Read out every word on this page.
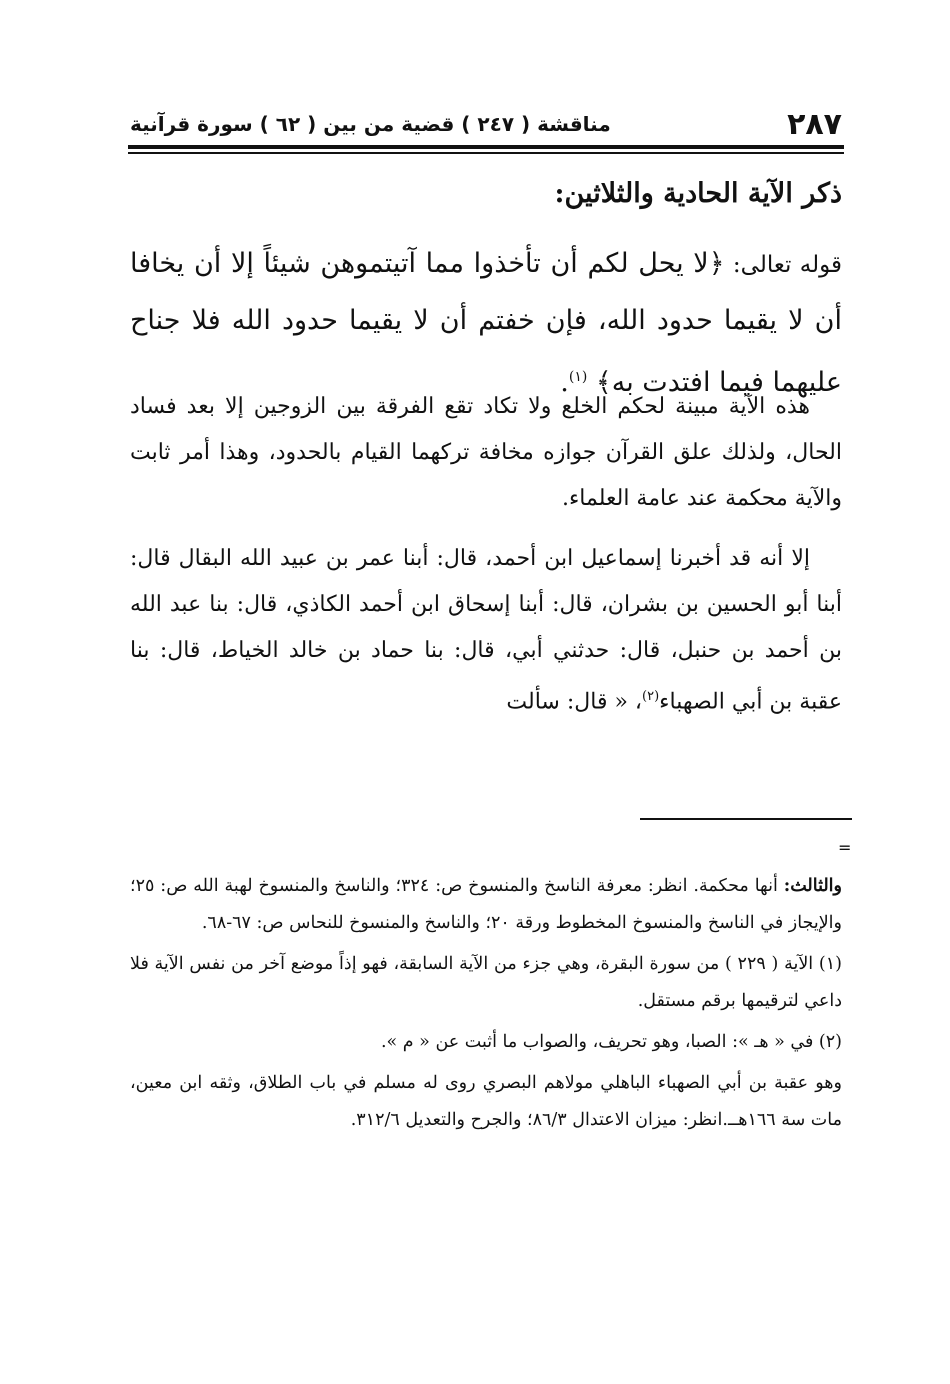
٢٨٧
مناقشة ( ٢٤٧ ) قضية من بين ( ٦٢ ) سورة قرآنية
ذكر الآية الحادية والثلاثين:
قوله تعالى: ﴿لا يحل لكم أن تأخذوا مما آتيتموهن شيئاً إلا أن يخافا أن لا يقيما حدود الله، فإن خفتم أن لا يقيما حدود الله فلا جناح عليهما فيما افتدت به﴾ $^{(١)}$.

هذه الآية مبينة لحكم الخلع ولا تكاد تقع الفرقة بين الزوجين إلا بعد فساد الحال، ولذلك علق القرآن جوازه مخافة تركهما القيام بالحدود، وهذا أمر ثابت والآية محكمة عند عامة العلماء.

إلا أنه قد أخبرنا إسماعيل ابن أحمد، قال: أبنا عمر بن عبيد الله البقال قال: أبنا أبو الحسين بن بشران، قال: أبنا إسحاق ابن أحمد الكاذي، قال: بنا عبد الله بن أحمد بن حنبل، قال: حدثني أبي، قال: بنا حماد بن خالد الخياط، قال: بنا عقبة بن أبي الصهباء$^{(٢)}$، « قال: سألت

=

والثالث: أنها محكمة. انظر: معرفة الناسخ والمنسوخ ص: ٣٢٤؛ والناسخ والمنسوخ لهبة الله ص: ٢٥؛ والإيجاز في الناسخ والمنسوخ المخطوط ورقة ٢٠؛ والناسخ والمنسوخ للنحاس ص: ٦٧-٦٨.

(١) الآية ( ٢٢٩ ) من سورة البقرة، وهي جزء من الآية السابقة، فهو إذاً موضع آخر من نفس الآية فلا داعي لترقيمها برقم مستقل.

(٢) في « هـ »: الصبا، وهو تحريف، والصواب ما أثبت عن « م ».

وهو عقبة بن أبي الصهباء الباهلي مولاهم البصري روى له مسلم في باب الطلاق، وثقه ابن معين، مات سة ١٦٦هــ.انظر: ميزان الاعتدال ٨٦/٣؛ والجرح والتعديل ٣١٢/٦.
